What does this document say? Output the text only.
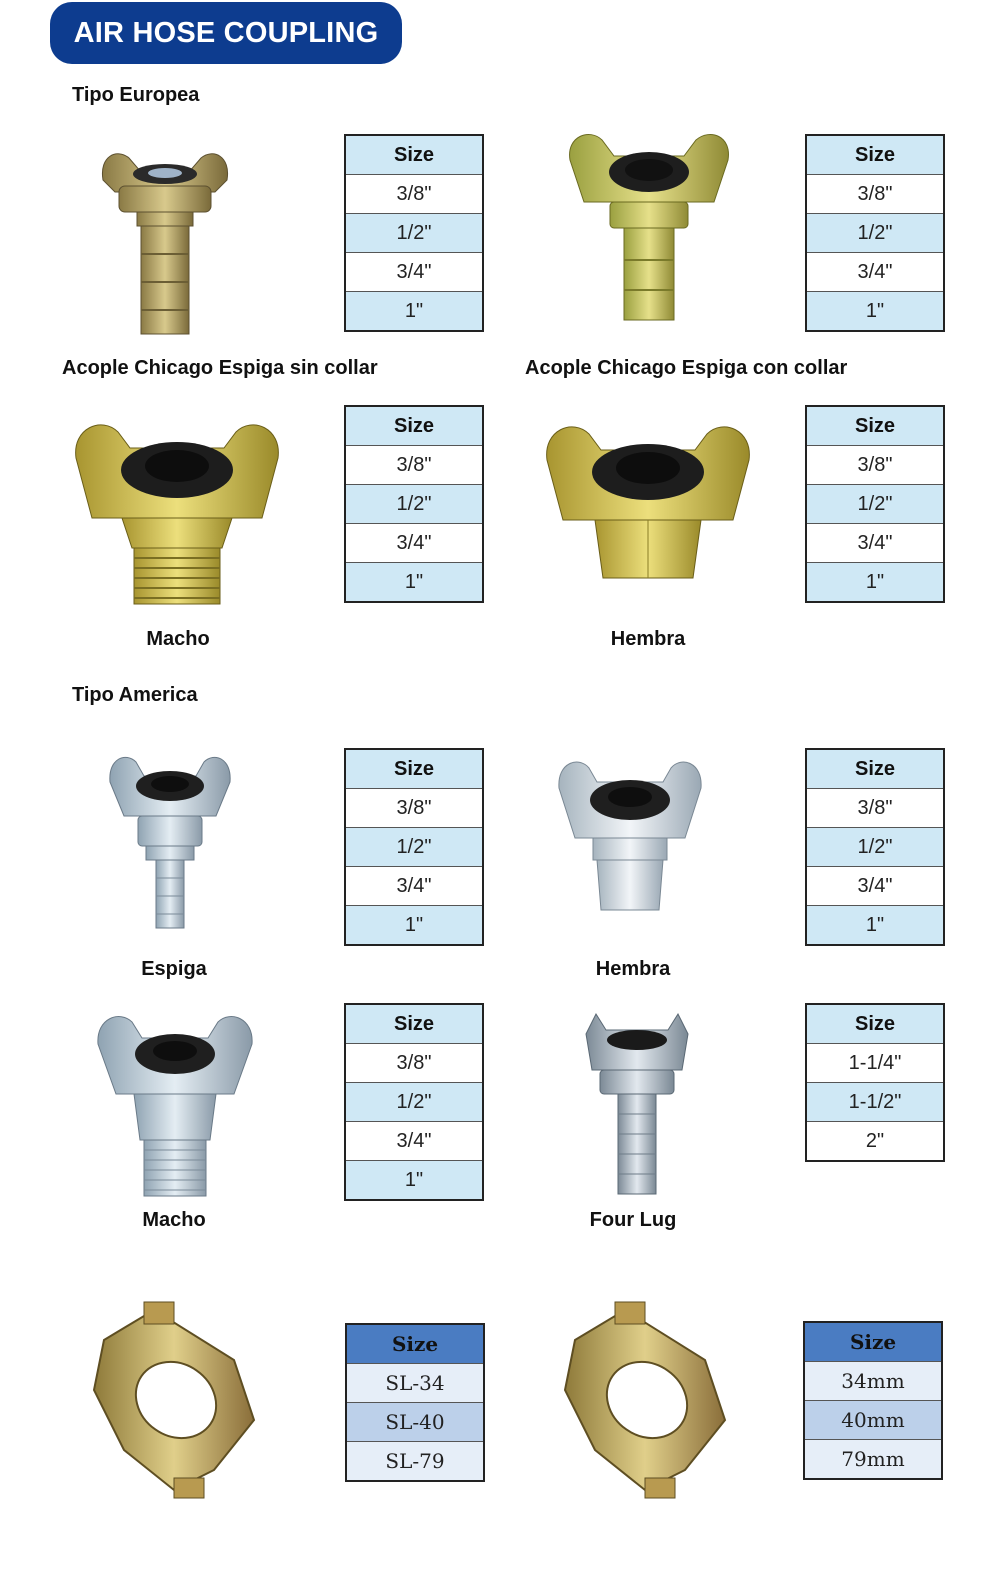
AIR HOSE COUPLING
Tipo Europea
Acople Chicago Espiga sin collar	Acople Chicago Espiga con collar
Macho	Hembra
Tipo America
Espiga	Hembra
Macho	Four Lug
Size
3/8"
1/2"
3/4"
1"
Size
3/8"
1/2"
3/4"
1"
Size
3/8"
1/2"
3/4"
1"
Size
3/8"
1/2"
3/4"
1"
Size
3/8"
1/2"
3/4"
1"
Size
3/8"
1/2"
3/4"
1"
Size
3/8"
1/2"
3/4"
1"
Size
1-1/4"
1-1/2"
2"
Size
SL-34
SL-40
SL-79
Size
34mm
40mm
79mm
